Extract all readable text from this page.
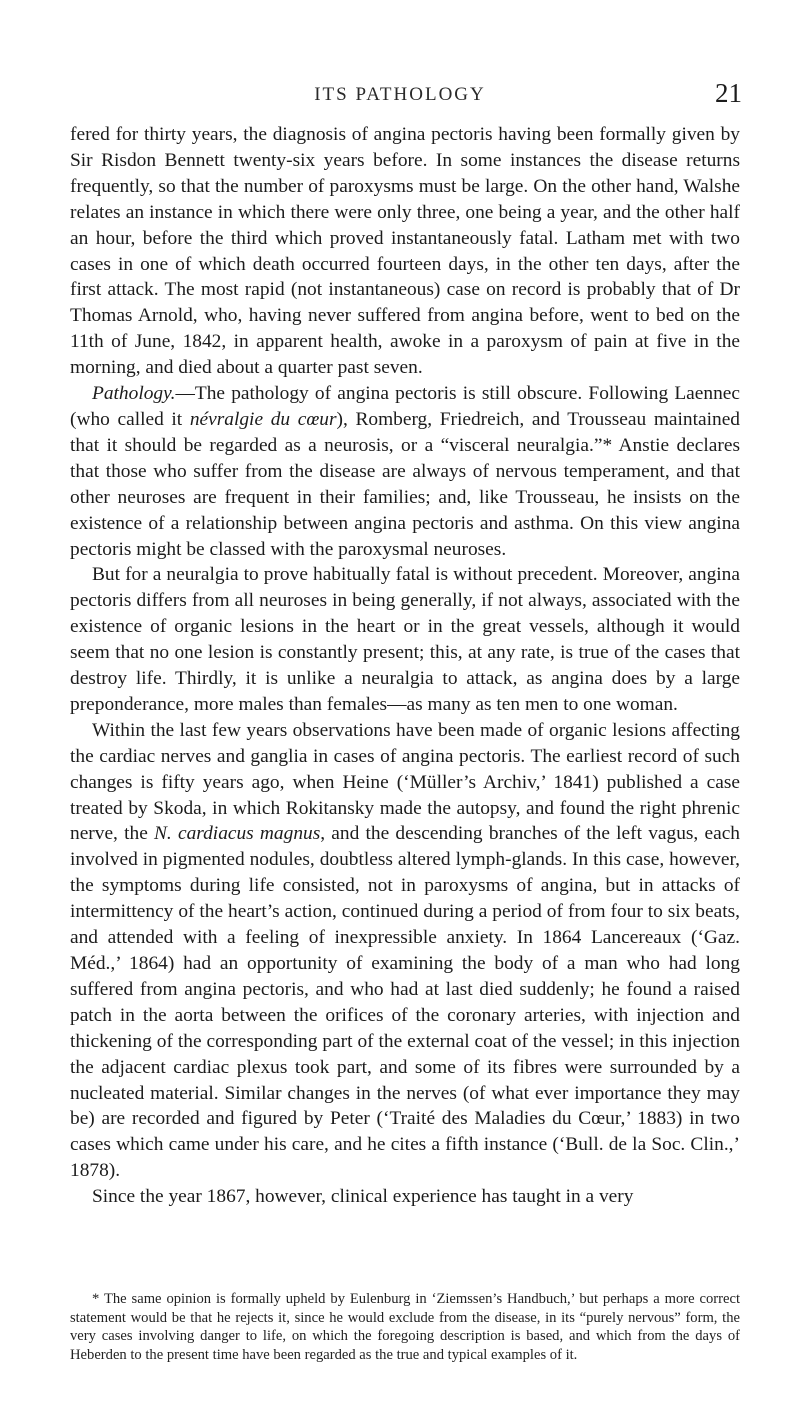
ITS PATHOLOGY	21

fered for thirty years, the diagnosis of angina pectoris having been formally given by Sir Risdon Bennett twenty-six years before. In some instances the disease returns frequently, so that the number of paroxysms must be large. On the other hand, Walshe relates an instance in which there were only three, one being a year, and the other half an hour, before the third which proved instantaneously fatal. Latham met with two cases in one of which death occurred fourteen days, in the other ten days, after the first attack. The most rapid (not instantaneous) case on record is probably that of Dr Thomas Arnold, who, having never suffered from angina before, went to bed on the 11th of June, 1842, in apparent health, awoke in a paroxysm of pain at five in the morning, and died about a quarter past seven.

Pathology.—The pathology of angina pectoris is still obscure. Following Laennec (who called it névralgie du cœur), Romberg, Friedreich, and Trousseau maintained that it should be regarded as a neurosis, or a “visceral neuralgia.”* Anstie declares that those who suffer from the disease are always of nervous temperament, and that other neuroses are frequent in their families; and, like Trousseau, he insists on the existence of a relationship between angina pectoris and asthma. On this view angina pectoris might be classed with the paroxysmal neuroses.

But for a neuralgia to prove habitually fatal is without precedent. Moreover, angina pectoris differs from all neuroses in being generally, if not always, associated with the existence of organic lesions in the heart or in the great vessels, although it would seem that no one lesion is constantly present; this, at any rate, is true of the cases that destroy life. Thirdly, it is unlike a neuralgia to attack, as angina does by a large preponderance, more males than females—as many as ten men to one woman.

Within the last few years observations have been made of organic lesions affecting the cardiac nerves and ganglia in cases of angina pectoris. The earliest record of such changes is fifty years ago, when Heine (‘Müller’s Archiv,’ 1841) published a case treated by Skoda, in which Rokitansky made the autopsy, and found the right phrenic nerve, the N. cardiacus magnus, and the descending branches of the left vagus, each involved in pigmented nodules, doubtless altered lymph-glands. In this case, however, the symptoms during life consisted, not in paroxysms of angina, but in attacks of intermittency of the heart’s action, continued during a period of from four to six beats, and attended with a feeling of inexpressible anxiety. In 1864 Lancereaux (‘Gaz. Méd.,’ 1864) had an opportunity of examining the body of a man who had long suffered from angina pectoris, and who had at last died suddenly; he found a raised patch in the aorta between the orifices of the coronary arteries, with injection and thickening of the corresponding part of the external coat of the vessel; in this injection the adjacent cardiac plexus took part, and some of its fibres were surrounded by a nucleated material. Similar changes in the nerves (of what ever importance they may be) are recorded and figured by Peter (‘Traité des Maladies du Cœur,’ 1883) in two cases which came under his care, and he cites a fifth instance (‘Bull. de la Soc. Clin.,’ 1878).

Since the year 1867, however, clinical experience has taught in a very

* The same opinion is formally upheld by Eulenburg in ‘Ziemssen’s Handbuch,’ but perhaps a more correct statement would be that he rejects it, since he would exclude from the disease, in its “purely nervous” form, the very cases involving danger to life, on which the foregoing description is based, and which from the days of Heberden to the present time have been regarded as the true and typical examples of it.
